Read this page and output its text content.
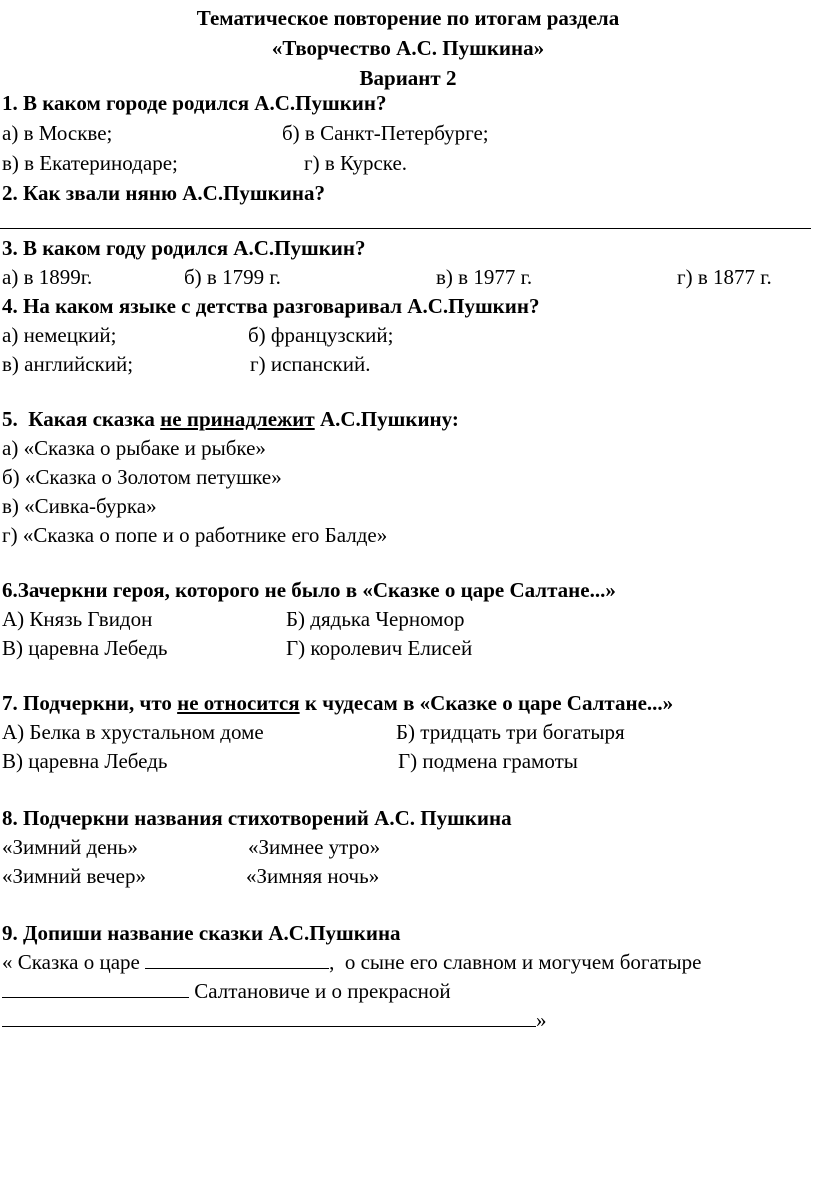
Тематическое повторение по итогам раздела
«Творчество А.С. Пушкина»
Вариант 2
1. В каком городе родился А.С.Пушкин?
а) в Москве;	б) в Санкт-Петербурге;
в) в Екатеринодаре;	г) в Курске.
2. Как звали няню А.С.Пушкина?
3. В каком году родился А.С.Пушкин?
а) в 1899г.	б) в 1799 г.	в) в 1977 г.	г) в 1877 г.
4. На каком языке с детства разговаривал А.С.Пушкин?
а) немецкий;	б) французский;
в) английский;	г) испанский.
5.  Какая сказка не принадлежит А.С.Пушкину:
а) «Сказка о рыбаке и рыбке»
б) «Сказка о Золотом петушке»
в) «Сивка-бурка»
г) «Сказка о попе и о работнике его Балде»
6.Зачеркни героя, которого не было в «Сказке о царе Салтане...»
А) Князь Гвидон	Б) дядька Черномор
В) царевна Лебедь	Г) королевич Елисей
7. Подчеркни, что не относится к чудесам в «Сказке о царе Салтане...»
А) Белка в хрустальном доме	Б) тридцать три богатыря
В) царевна Лебедь	Г) подмена грамоты
8. Подчеркни названия стихотворений А.С. Пушкина
«Зимний день»	«Зимнее утро»
«Зимний вечер»	«Зимняя ночь»
9. Допиши название сказки А.С.Пушкина
« Сказка о царе	,  о сыне его славном и могучем богатыре
Салтановиче и о прекрасной
»
